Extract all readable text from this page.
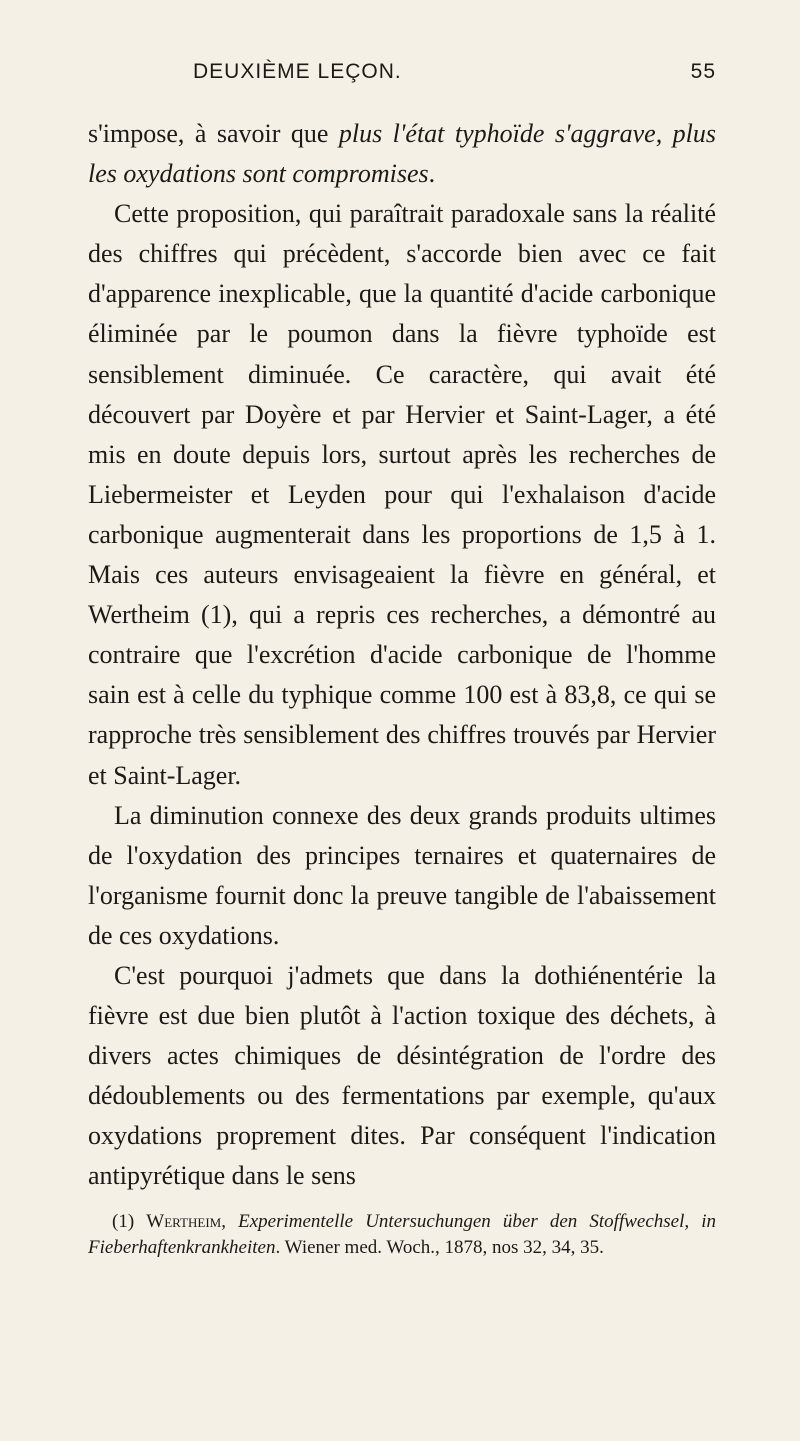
DEUXIÈME LEÇON.	55

s'impose, à savoir que plus l'état typhoïde s'aggrave, plus les oxydations sont compromises.

Cette proposition, qui paraîtrait paradoxale sans la réalité des chiffres qui précèdent, s'accorde bien avec ce fait d'apparence inexplicable, que la quantité d'acide carbonique éliminée par le poumon dans la fièvre typhoïde est sensiblement diminuée. Ce caractère, qui avait été découvert par Doyère et par Hervier et Saint-Lager, a été mis en doute depuis lors, surtout après les recherches de Liebermeister et Leyden pour qui l'exhalaison d'acide carbonique augmenterait dans les proportions de 1,5 à 1. Mais ces auteurs envisageaient la fièvre en général, et Wertheim (1), qui a repris ces recherches, a démontré au contraire que l'excrétion d'acide carbonique de l'homme sain est à celle du typhique comme 100 est à 83,8, ce qui se rapproche très sensiblement des chiffres trouvés par Hervier et Saint-Lager.

La diminution connexe des deux grands produits ultimes de l'oxydation des principes ternaires et quaternaires de l'organisme fournit donc la preuve tangible de l'abaissement de ces oxydations.

C'est pourquoi j'admets que dans la dothiénentérie la fièvre est due bien plutôt à l'action toxique des déchets, à divers actes chimiques de désintégration de l'ordre des dédoublements ou des fermentations par exemple, qu'aux oxydations proprement dites. Par conséquent l'indication antipyrétique dans le sens

(1) Wertheim, Experimentelle Untersuchungen über den Stoffwechsel, in Fieberhaftenkrankheiten. Wiener med. Woch., 1878, nos 32, 34, 35.
